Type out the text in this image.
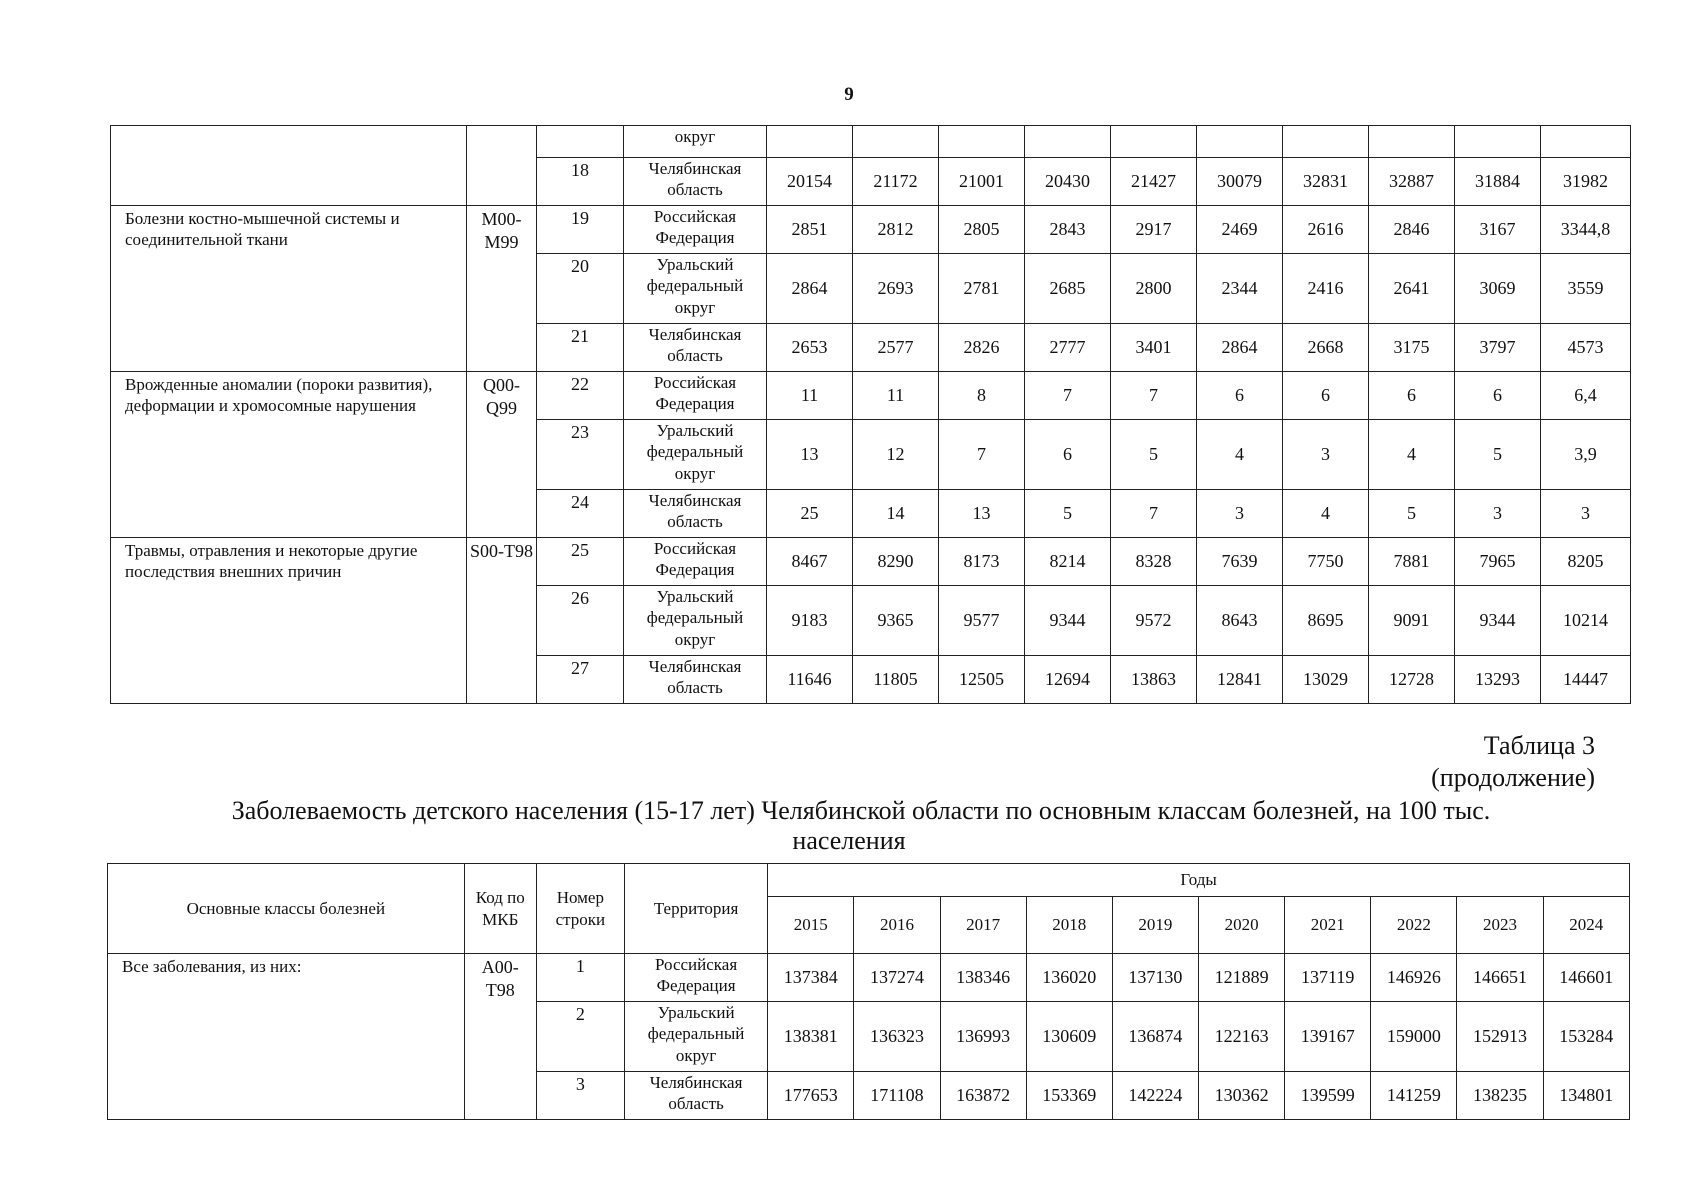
9
			округ										
		18	Челябинская область	20154	21172	21001	20430	21427	30079	32831	32887	31884	31982
Болезни костно-мышечной системы и соединительной ткани	М00-М99	19	Российская Федерация	2851	2812	2805	2843	2917	2469	2616	2846	3167	3344,8
		20	Уральский федеральный округ	2864	2693	2781	2685	2800	2344	2416	2641	3069	3559
		21	Челябинская область	2653	2577	2826	2777	3401	2864	2668	3175	3797	4573
Врожденные аномалии (пороки развития), деформации и хромосомные нарушения	Q00-Q99	22	Российская Федерация	11	11	8	7	7	6	6	6	6	6,4
		23	Уральский федеральный округ	13	12	7	6	5	4	3	4	5	3,9
		24	Челябинская область	25	14	13	5	7	3	4	5	3	3
Травмы, отравления и некоторые другие последствия внешних причин	S00-T98	25	Российская Федерация	8467	8290	8173	8214	8328	7639	7750	7881	7965	8205
		26	Уральский федеральный округ	9183	9365	9577	9344	9572	8643	8695	9091	9344	10214
		27	Челябинская область	11646	11805	12505	12694	13863	12841	13029	12728	13293	14447
Таблица 3
(продолжение)
Заболеваемость детского населения (15-17 лет) Челябинской области по основным классам болезней, на 100 тыс.
населения
Основные классы болезней	Код по МКБ	Номер строки	Территория	Годы									
				2015	2016	2017	2018	2019	2020	2021	2022	2023	2024
Все заболевания, из них:	А00-Т98	1	Российская Федерация	137384	137274	138346	136020	137130	121889	137119	146926	146651	146601
		2	Уральский федеральный округ	138381	136323	136993	130609	136874	122163	139167	159000	152913	153284
		3	Челябинская область	177653	171108	163872	153369	142224	130362	139599	141259	138235	134801
